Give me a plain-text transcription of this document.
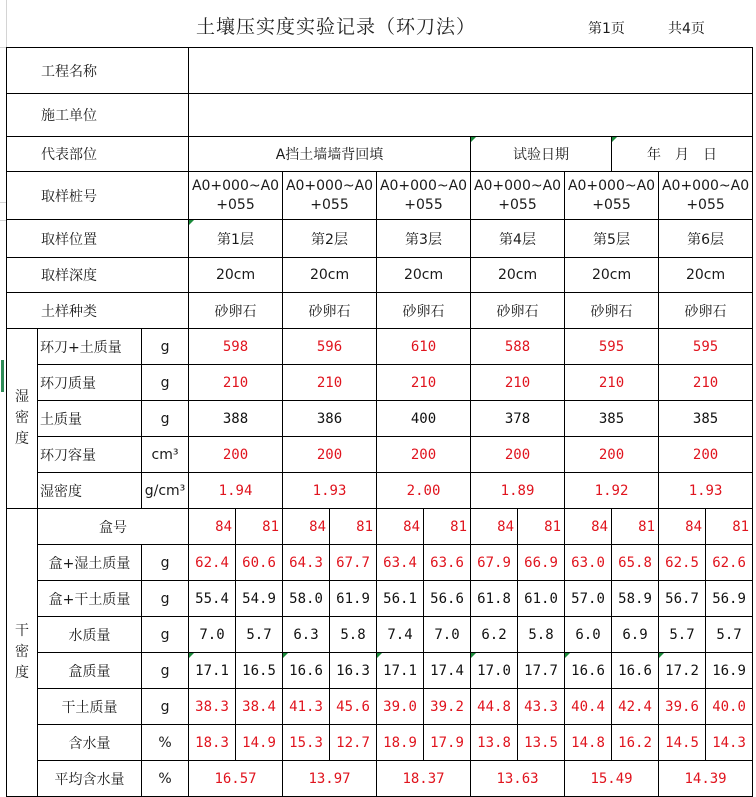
土壤压实度实验记录（环刀法）	第1页	共4页
工程名称														
施工单位														
代表部位			A挡土墙墙背回填						试验日期			年　月　日		
取样桩号			A0+000~A0+055		A0+000~A0+055		A0+000~A0+055		A0+000~A0+055		A0+000~A0+055		A0+000~A0+055	
取样位置			第1层		第2层		第3层		第4层		第5层		第6层	
取样深度			20cm		20cm		20cm		20cm		20cm		20cm	
土样种类			砂卵石		砂卵石		砂卵石		砂卵石		砂卵石		砂卵石	
湿
密
度	环刀+土质量	g	598		596		610		588		595		595	
	环刀质量	g	210		210		210		210		210		210	
	土质量	g	388		386		400		378		385		385	
	环刀容量	cm³	200		200		200		200		200		200	
	湿密度	g/cm³	1.94		1.93		2.00		1.89		1.92		1.93	
干
密
度	盒号		84	81	84	81	84	81	84	81	84	81	84	81
	盒+湿土质量	g	62.4	60.6	64.3	67.7	63.4	63.6	67.9	66.9	63.0	65.8	62.5	62.6
	盒+干土质量	g	55.4	54.9	58.0	61.9	56.1	56.6	61.8	61.0	57.0	58.9	56.7	56.9
	水质量	g	7.0	5.7	6.3	5.8	7.4	7.0	6.2	5.8	6.0	6.9	5.7	5.7
	盒质量	g	17.1	16.5	16.6	16.3	17.1	17.4	17.0	17.7	16.6	16.6	17.2	16.9
	干土质量	g	38.3	38.4	41.3	45.6	39.0	39.2	44.8	43.3	40.4	42.4	39.6	40.0
	含水量	%	18.3	14.9	15.3	12.7	18.9	17.9	13.8	13.5	14.8	16.2	14.5	14.3
	平均含水量	%	16.57		13.97		18.37		13.63		15.49		14.39	
